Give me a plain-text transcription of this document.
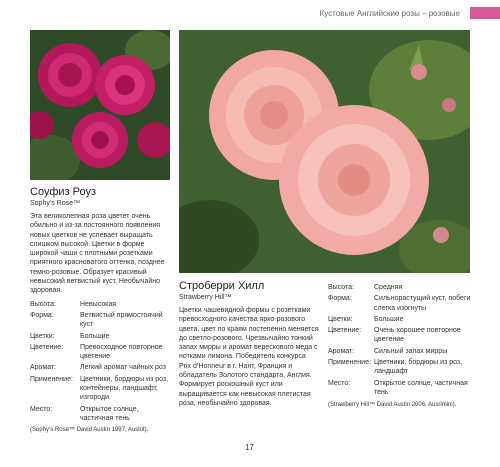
Кустовые Английские розы – розовые
Соуфиз Роуз
Sophy’s Rose™
Эта великолепная роза цветет очень обильно и из-за постоянного появления новых цветков не успевает выращать слишком высокой. Цветки в форме широкой чаши с плотными розетками приятного красноватого оттенка, позднее темно-розовые. Образует красивый невысокий ветвистый куст. Необычайно здоровая.
Высота:	Невысокая
Форма:	Ветвистый прямостоячий куст
Цветки:	Большие
Цветение:	Превосходное повторное цветение
Аромат:	Легкий аромат чайных роз
Применение:	Цветники, бордюры из роз, контейнеры, ландшафт, изгороди
Место:	Открытое солнце, частичная тень
(Sophy’s Rose™ David Austin 1997, Auslot).
Строберри Хилл
Strawberry Hill™
Цветки чашевидной формы с розетками превосходного качества ярко-розового цвета, цвет по краям постепенно меняется до светло-розового. Чрезвычайно тонкий запах мирры и аромат верескового меда с нотками лимона. Победитель конкурса Prix d’Honneur в г. Нант, Франция и обладатель Золотого стандарта, Англия. Формирует роскошный куст или выращивается как невысокая плетистая роза, необычайно здоровая.
Высота:	Средняя
Форма:	Сильнорастущий куст, побеги слегка изогнуты
Цветки:	Большие
Цветение:	Очень хорошее повторное цветение
Аромат:	Сильный запах мирры
Применение: Цветники, бордюры из роз, ландшафт
Место:	Открытое солнце, частичная тень
(Strawberry Hill™ David Austin 2006, Ausrimini).
17
